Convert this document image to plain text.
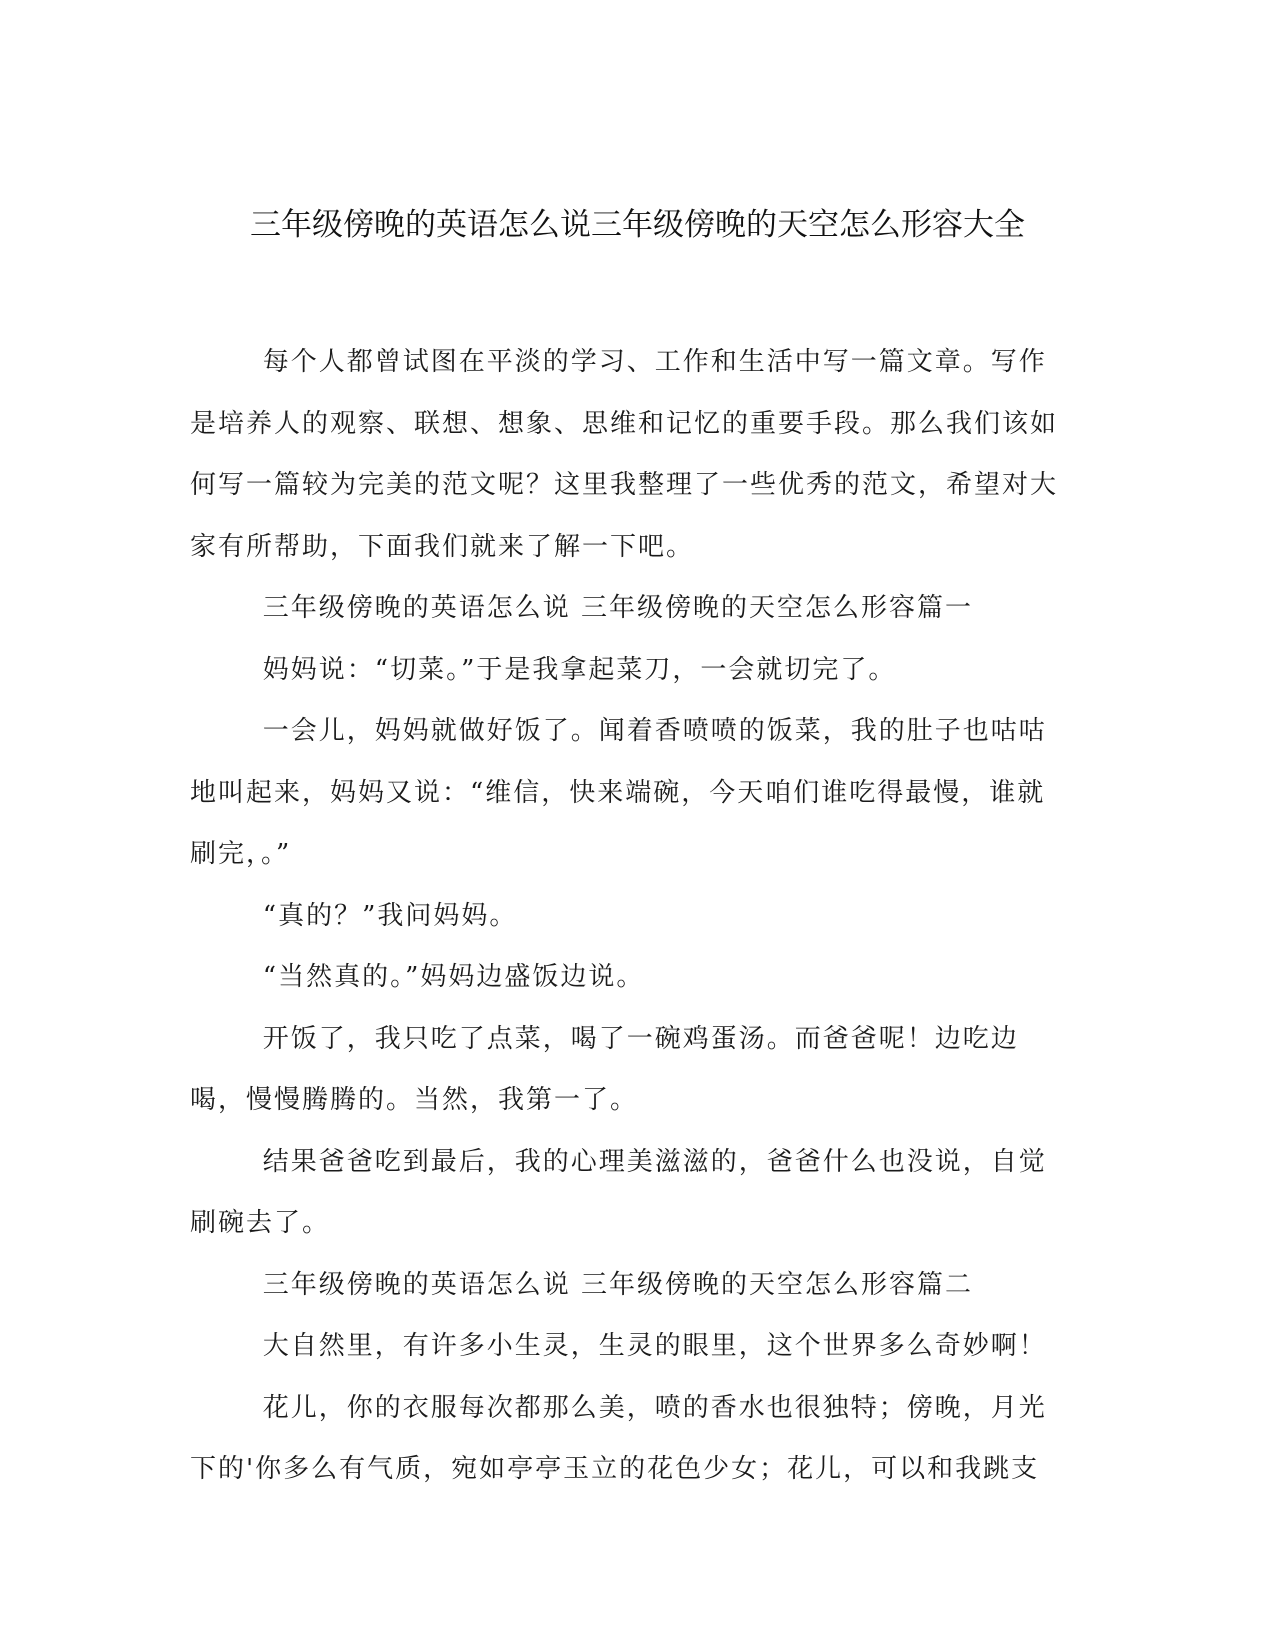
三年级傍晚的英语怎么说三年级傍晚的天空怎么形容大全

每个人都曾试图在平淡的学习、工作和生活中写一篇文章。写作是培养人的观察、联想、想象、思维和记忆的重要手段。那么我们该如何写一篇较为完美的范文呢？这里我整理了一些优秀的范文，希望对大家有所帮助，下面我们就来了解一下吧。

三年级傍晚的英语怎么说 三年级傍晚的天空怎么形容篇一

妈妈说：“切菜。”于是我拿起菜刀，一会就切完了。

一会儿，妈妈就做好饭了。闻着香喷喷的饭菜，我的肚子也咕咕地叫起来，妈妈又说：“维信，快来端碗，今天咱们谁吃得最慢，谁就刷完，。”

“真的？”我问妈妈。

“当然真的。”妈妈边盛饭边说。

开饭了，我只吃了点菜，喝了一碗鸡蛋汤。而爸爸呢！边吃边喝，慢慢腾腾的。当然，我第一了。

结果爸爸吃到最后，我的心理美滋滋的，爸爸什么也没说，自觉刷碗去了。

三年级傍晚的英语怎么说 三年级傍晚的天空怎么形容篇二

大自然里，有许多小生灵，生灵的眼里，这个世界多么奇妙啊！

花儿，你的衣服每次都那么美，喷的香水也很独特；傍晚，月光下的'你多么有气质，宛如亭亭玉立的花色少女；花儿，可以和我跳支
